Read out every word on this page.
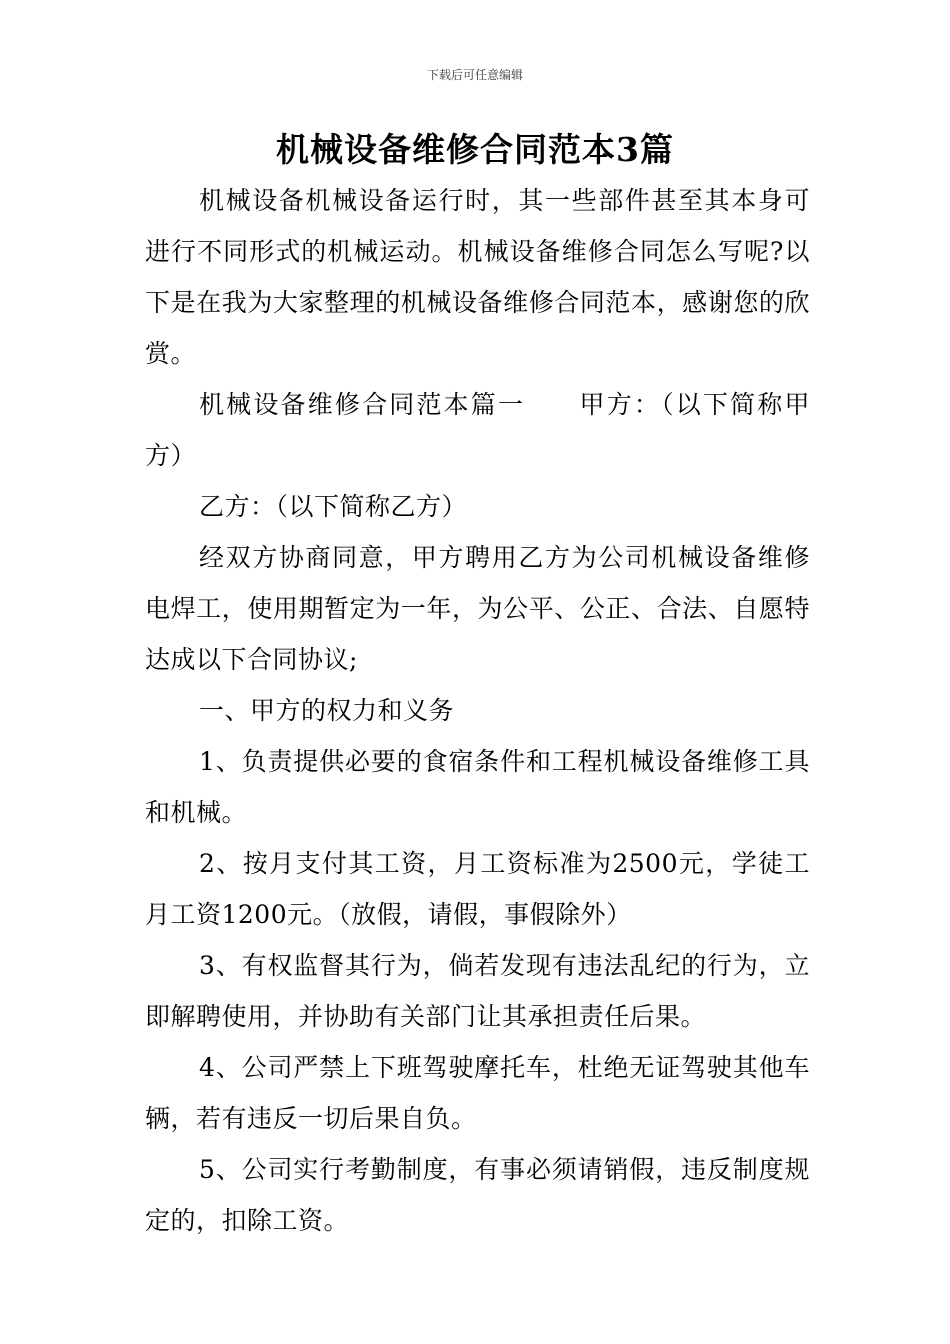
下载后可任意编辑
机械设备维修合同范本3篇

机械设备机械设备运行时，其一些部件甚至其本身可进行不同形式的机械运动。机械设备维修合同怎么写呢?以下是在我为大家整理的机械设备维修合同范本，感谢您的欣赏。

机械设备维修合同范本篇一　　甲方：（以下简称甲方）

乙方：（以下简称乙方）

经双方协商同意，甲方聘用乙方为公司机械设备维修电焊工，使用期暂定为一年，为公平、公正、合法、自愿特达成以下合同协议;

一、甲方的权力和义务

1、负责提供必要的食宿条件和工程机械设备维修工具和机械。

2、按月支付其工资，月工资标准为2500元，学徒工月工资1200元。（放假，请假，事假除外）

3、有权监督其行为，倘若发现有违法乱纪的行为，立即解聘使用，并协助有关部门让其承担责任后果。

4、公司严禁上下班驾驶摩托车，杜绝无证驾驶其他车辆，若有违反一切后果自负。

5、公司实行考勤制度，有事必须请销假，违反制度规定的，扣除工资。
